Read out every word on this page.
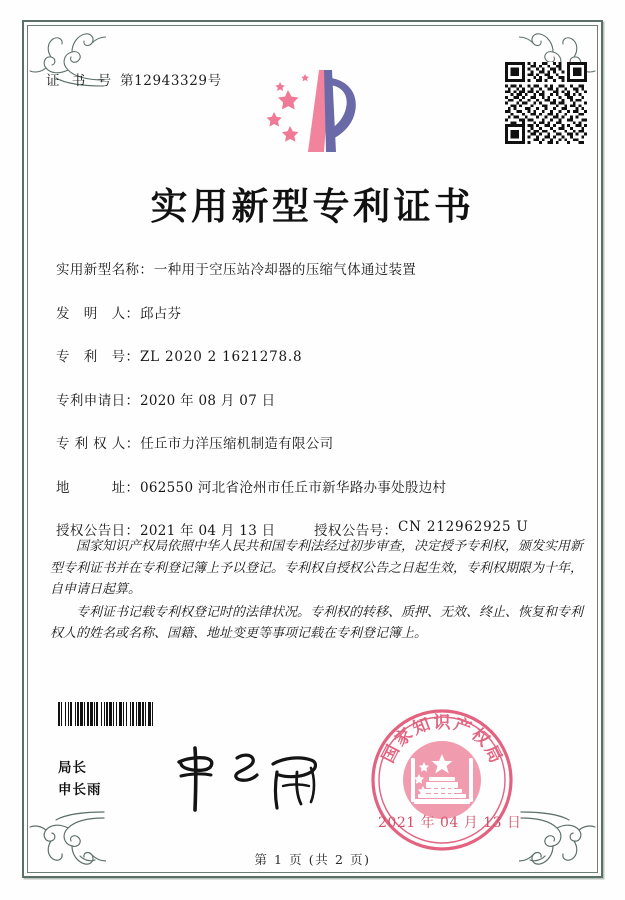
证 书 号 第12943329号
实用新型专利证书
实用新型名称 ： 一种用于空压站冷却器的压缩气体通过装置
发　明　人 ： 邱占芬
专　利　号 ： ZL 2020 2 1621278.8
专利申请日 ： 2020 年 08 月 07 日
专 利 权 人 ： 任丘市力洋压缩机制造有限公司
地　　　址 ： 062550 河北省沧州市任丘市新华路办事处殷边村
授权公告日 ： 2021 年 04 月 13 日	授权公告号 ： CN 212962925 U

国家知识产权局依照中华人民共和国专利法经过初步审查，决定授予专利权，颁发实用新型专利证书并在专利登记簿上予以登记。专利权自授权公告之日起生效，专利权期限为十年，自申请日起算。

专利证书记载专利权登记时的法律状况。专利权的转移、质押、无效、终止、恢复和专利权人的姓名或名称、国籍、地址变更等事项记载在专利登记簿上。

局长
申长雨
国
家
知 识 产
权
局
2021 年 04 月 13 日
第 1 页 (共 2 页)
